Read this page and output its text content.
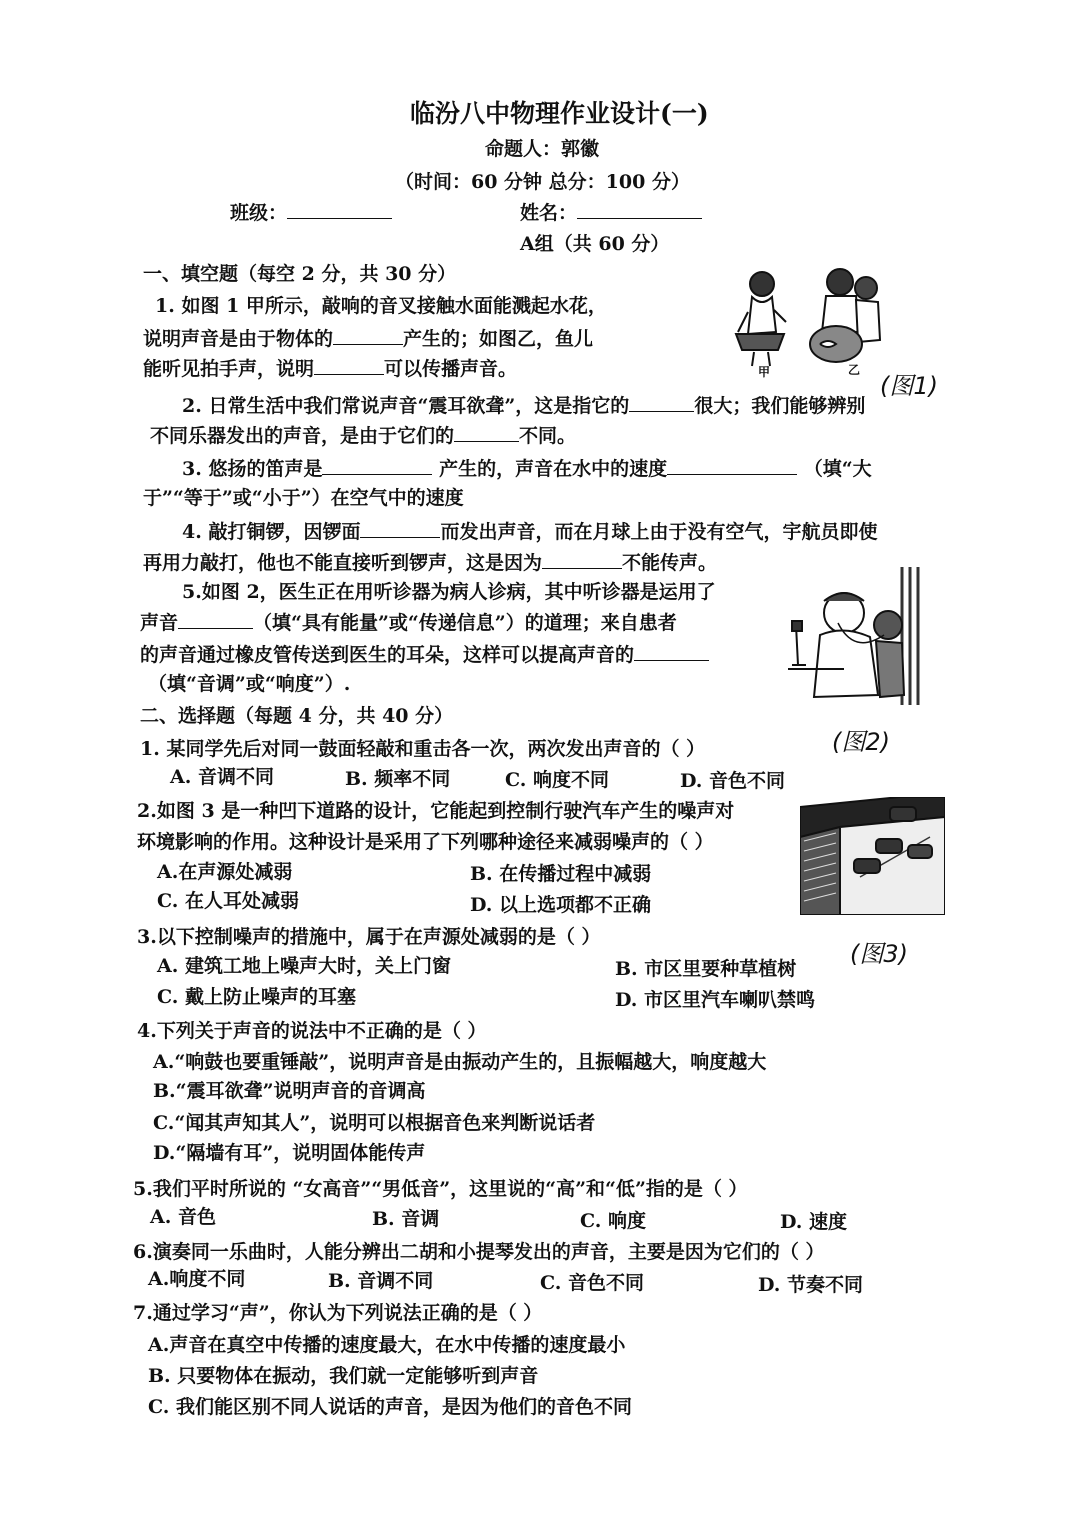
临汾八中物理作业设计(一)
命题人：郭徽
（时间：60 分钟 总分：100 分）
班级：	姓名：
A组（共 60 分）
一、填空题（每空 2 分，共 30 分）
1. 如图 1 甲所示，敲响的音叉接触水面能溅起水花，
说明声音是由于物体的	产生的；如图乙，鱼儿
能听见拍手声，说明	可以传播声音。
2. 日常生活中我们常说声音“震耳欲聋”，这是指它的	很大；我们能够辨别
不同乐器发出的声音，是由于它们的	不同。
3. 悠扬的笛声是	产生的，声音在水中的速度	（填“大
于”“等于”或“小于”）在空气中的速度
4. 敲打铜锣，因锣面	而发出声音，而在月球上由于没有空气，宇航员即使
再用力敲打，他也不能直接听到锣声，这是因为	不能传声。
5.如图 2，医生正在用听诊器为病人诊病，其中听诊器是运用了
声音	（填“具有能量”或“传递信息”）的道理；来自患者
的声音通过橡皮管传送到医生的耳朵，这样可以提高声音的
（填“音调”或“响度”）.
二、选择题（每题 4 分，共 40 分）
1. 某同学先后对同一鼓面轻敲和重击各一次，两次发出声音的（ ）
A. 音调不同	B. 频率不同	C. 响度不同	D. 音色不同
2.如图 3 是一种凹下道路的设计，它能起到控制行驶汽车产生的噪声对
环境影响的作用。这种设计是采用了下列哪种途径来减弱噪声的（ ）
A.在声源处减弱	B. 在传播过程中减弱
C. 在人耳处减弱	D. 以上选项都不正确
3.以下控制噪声的措施中，属于在声源处减弱的是（ ）
A. 建筑工地上噪声大时，关上门窗	B. 市区里要种草植树
C. 戴上防止噪声的耳塞	D. 市区里汽车喇叭禁鸣
4.下列关于声音的说法中不正确的是（ ）
A.“响鼓也要重锤敲”，说明声音是由振动产生的，且振幅越大，响度越大
B.“震耳欲聋”说明声音的音调高
C.“闻其声知其人”，说明可以根据音色来判断说话者
D.“隔墙有耳”，说明固体能传声
5.我们平时所说的 “女高音”“男低音”，这里说的“高”和“低”指的是（ ）
A. 音色	B. 音调	C. 响度	D. 速度
6.演奏同一乐曲时，人能分辨出二胡和小提琴发出的声音，主要是因为它们的（ ）
A.响度不同	B. 音调不同	C. 音色不同	D. 节奏不同
7.通过学习“声”，你认为下列说法正确的是（ ）
A.声音在真空中传播的速度最大，在水中传播的速度最小
B. 只要物体在振动，我们就一定能够听到声音
C. 我们能区别不同人说话的声音，是因为他们的音色不同
甲	乙
(图1)
(图2)
(图3)
